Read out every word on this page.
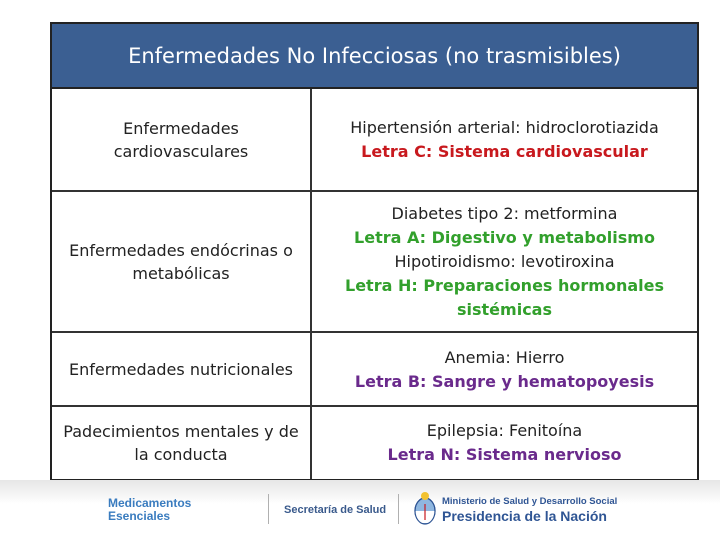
Enfermedades No Infecciosas (no trasmisibles)
Enfermedades cardiovasculares
Hipertensión arterial: hidroclorotiazida
Letra C: Sistema cardiovascular
Enfermedades endócrinas o metabólicas
Diabetes tipo 2: metformina
Letra A: Digestivo y metabolismo
Hipotiroidismo: levotiroxina
Letra H: Preparaciones hormonales sistémicas
Enfermedades nutricionales
Anemia: Hierro
Letra B: Sangre y hematopoyesis
Padecimientos mentales y de la conducta
Epilepsia: Fenitoína
Letra N: Sistema nervioso
Medicamentos
Esenciales	Secretaría de Salud
Ministerio de Salud y Desarrollo Social
Presidencia de la Nación
